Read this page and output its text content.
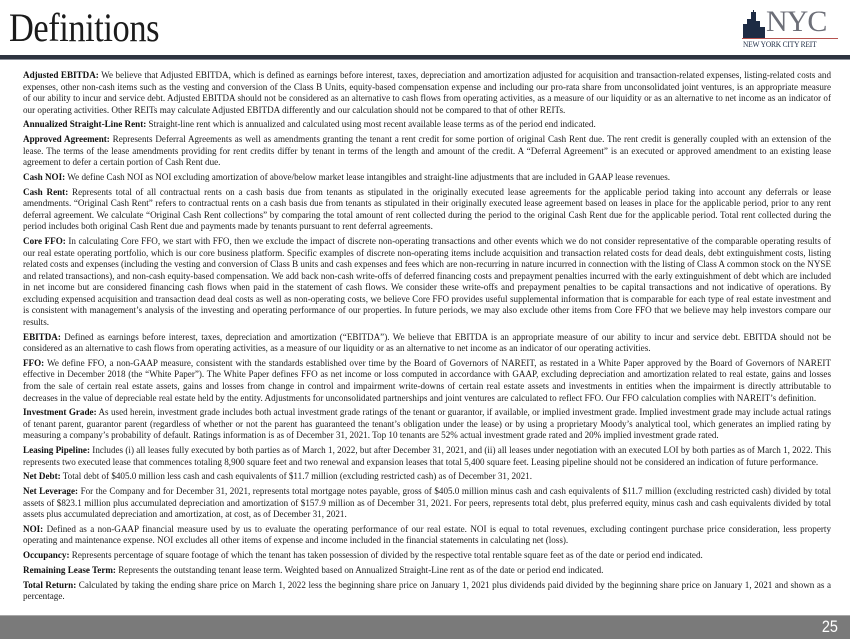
Definitions	NYC
NEW YORK CITY REIT

Adjusted EBITDA: We believe that Adjusted EBITDA, which is defined as earnings before interest, taxes, depreciation and amortization adjusted for acquisition and transaction-related expenses, listing-related costs and expenses, other non-cash items such as the vesting and conversion of the Class B Units, equity-based compensation expense and including our pro-rata share from unconsolidated joint ventures, is an appropriate measure of our ability to incur and service debt. Adjusted EBITDA should not be considered as an alternative to cash flows from operating activities, as a measure of our liquidity or as an alternative to net income as an indicator of our operating activities. Other REITs may calculate Adjusted EBITDA differently and our calculation should not be compared to that of other REITs.

Annualized Straight-Line Rent: Straight-line rent which is annualized and calculated using most recent available lease terms as of the period end indicated.

Approved Agreement: Represents Deferral Agreements as well as amendments granting the tenant a rent credit for some portion of original Cash Rent due. The rent credit is generally coupled with an extension of the lease. The terms of the lease amendments providing for rent credits differ by tenant in terms of the length and amount of the credit. A “Deferral Agreement” is an executed or approved amendment to an existing lease agreement to defer a certain portion of Cash Rent due.

Cash NOI: We define Cash NOI as NOI excluding amortization of above/below market lease intangibles and straight-line adjustments that are included in GAAP lease revenues.

Cash Rent: Represents total of all contractual rents on a cash basis due from tenants as stipulated in the originally executed lease agreements for the applicable period taking into account any deferrals or lease amendments. “Original Cash Rent” refers to contractual rents on a cash basis due from tenants as stipulated in their originally executed lease agreement based on leases in place for the applicable period, prior to any rent deferral agreement. We calculate “Original Cash Rent collections” by comparing the total amount of rent collected during the period to the original Cash Rent due for the applicable period. Total rent collected during the period includes both original Cash Rent due and payments made by tenants pursuant to rent deferral agreements.

Core FFO: In calculating Core FFO, we start with FFO, then we exclude the impact of discrete non-operating transactions and other events which we do not consider representative of the comparable operating results of our real estate operating portfolio, which is our core business platform. Specific examples of discrete non-operating items include acquisition and transaction related costs for dead deals, debt extinguishment costs, listing related costs and expenses (including the vesting and conversion of Class B units and cash expenses and fees which are non-recurring in nature incurred in connection with the listing of Class A common stock on the NYSE and related transactions), and non-cash equity-based compensation. We add back non-cash write-offs of deferred financing costs and prepayment penalties incurred with the early extinguishment of debt which are included in net income but are considered financing cash flows when paid in the statement of cash flows. We consider these write-offs and prepayment penalties to be capital transactions and not indicative of operations. By excluding expensed acquisition and transaction dead deal costs as well as non-operating costs, we believe Core FFO provides useful supplemental information that is comparable for each type of real estate investment and is consistent with management’s analysis of the investing and operating performance of our properties. In future periods, we may also exclude other items from Core FFO that we believe may help investors compare our results.

EBITDA: Defined as earnings before interest, taxes, depreciation and amortization (“EBITDA”). We believe that EBITDA is an appropriate measure of our ability to incur and service debt. EBITDA should not be considered as an alternative to cash flows from operating activities, as a measure of our liquidity or as an alternative to net income as an indicator of our operating activities.

FFO: We define FFO, a non-GAAP measure, consistent with the standards established over time by the Board of Governors of NAREIT, as restated in a White Paper approved by the Board of Governors of NAREIT effective in December 2018 (the “White Paper”). The White Paper defines FFO as net income or loss computed in accordance with GAAP, excluding depreciation and amortization related to real estate, gains and losses from the sale of certain real estate assets, gains and losses from change in control and impairment write-downs of certain real estate assets and investments in entities when the impairment is directly attributable to decreases in the value of depreciable real estate held by the entity. Adjustments for unconsolidated partnerships and joint ventures are calculated to reflect FFO. Our FFO calculation complies with NAREIT’s definition.

Investment Grade: As used herein, investment grade includes both actual investment grade ratings of the tenant or guarantor, if available, or implied investment grade. Implied investment grade may include actual ratings of tenant parent, guarantor parent (regardless of whether or not the parent has guaranteed the tenant’s obligation under the lease) or by using a proprietary Moody’s analytical tool, which generates an implied rating by measuring a company’s probability of default. Ratings information is as of December 31, 2021. Top 10 tenants are 52% actual investment grade rated and 20% implied investment grade rated.

Leasing Pipeline: Includes (i) all leases fully executed by both parties as of March 1, 2022, but after December 31, 2021, and (ii) all leases under negotiation with an executed LOI by both parties as of March 1, 2022. This represents two executed lease that commences totaling 8,900 square feet and two renewal and expansion leases that total 5,400 square feet. Leasing pipeline should not be considered an indication of future performance.

Net Debt: Total debt of $405.0 million less cash and cash equivalents of $11.7 million (excluding restricted cash) as of December 31, 2021.

Net Leverage: For the Company and for December 31, 2021, represents total mortgage notes payable, gross of $405.0 million minus cash and cash equivalents of $11.7 million (excluding restricted cash) divided by total assets of $823.1 million plus accumulated depreciation and amortization of $157.9 million as of December 31, 2021. For peers, represents total debt, plus preferred equity, minus cash and cash equivalents divided by total assets plus accumulated depreciation and amortization, at cost, as of December 31, 2021.

NOI: Defined as a non-GAAP financial measure used by us to evaluate the operating performance of our real estate. NOI is equal to total revenues, excluding contingent purchase price consideration, less property operating and maintenance expense. NOI excludes all other items of expense and income included in the financial statements in calculating net (loss).

Occupancy: Represents percentage of square footage of which the tenant has taken possession of divided by the respective total rentable square feet as of the date or period end indicated.

Remaining Lease Term: Represents the outstanding tenant lease term. Weighted based on Annualized Straight-Line rent as of the date or period end indicated.

Total Return: Calculated by taking the ending share price on March 1, 2022 less the beginning share price on January 1, 2021 plus dividends paid divided by the beginning share price on January 1, 2021 and shown as a percentage.

25
